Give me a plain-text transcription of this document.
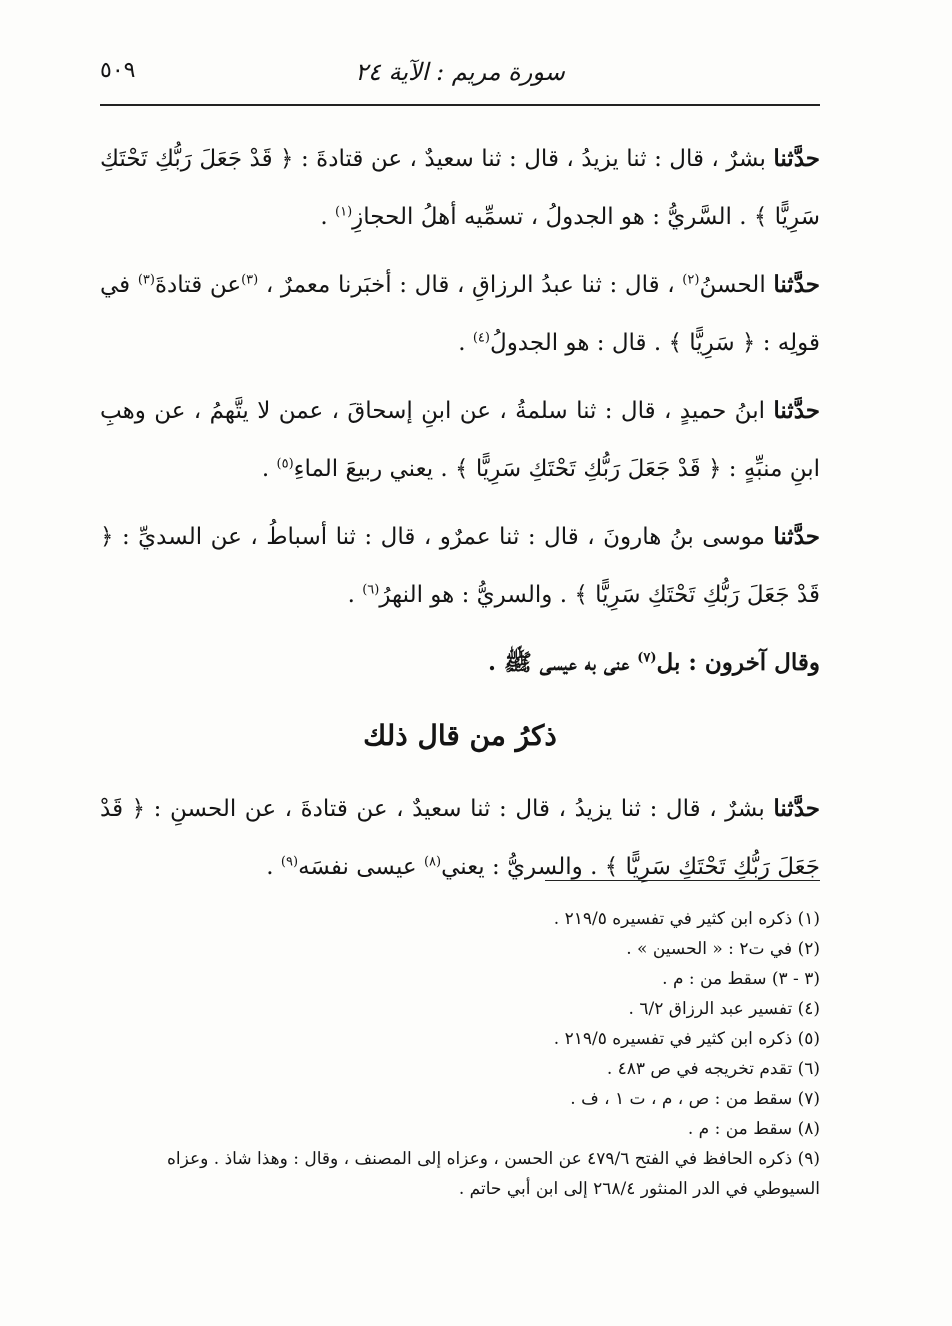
سورة مريم : الآية ٢٤
٥٠٩

حدَّثنا بشرٌ ، قال : ثنا يزيدُ ، قال : ثنا سعيدٌ ، عن قتادةَ : ﴿ قَدْ جَعَلَ رَبُّكِ تَحْتَكِ سَرِيًّا ﴾ . السَّريُّ : هو الجدولُ ، تسمِّيه أهلُ الحجازِ$^{(١)}$ .

حدَّثنا الحسنُ$^{(٢)}$ ، قال : ثنا عبدُ الرزاقِ ، قال : أخبَرنا معمرٌ ، $^{(٣)}$عن قتادةَ$^{(٣)}$ في قولِه : ﴿ سَرِيًّا ﴾ . قال : هو الجدولُ$^{(٤)}$ .

حدَّثنا ابنُ حميدٍ ، قال : ثنا سلمةُ ، عن ابنِ إسحاقَ ، عمن لا يتَّهمُ ، عن وهبِ ابنِ منبِّهٍ : ﴿ قَدْ جَعَلَ رَبُّكِ تَحْتَكِ سَرِيًّا ﴾ . يعني ربيعَ الماءِ$^{(٥)}$ .

حدَّثنا موسى بنُ هارونَ ، قال : ثنا عمرٌو ، قال : ثنا أسباطُ ، عن السديِّ : ﴿ قَدْ جَعَلَ رَبُّكِ تَحْتَكِ سَرِيًّا ﴾ . والسريُّ : هو النهرُ$^{(٦)}$ .

وقال آخرون : بل$^{(٧)}$ عنى به عيسى ﷺ .

ذكرُ من قال ذلك

حدَّثنا بشرٌ ، قال : ثنا يزيدُ ، قال : ثنا سعيدٌ ، عن قتادةَ ، عن الحسنِ : ﴿ قَدْ جَعَلَ رَبُّكِ تَحْتَكِ سَرِيًّا ﴾ . والسريُّ : يعني$^{(٨)}$ عيسى نفسَه$^{(٩)}$ .

(١) ذكره ابن كثير في تفسيره ٢١٩/٥ .

(٢) في ت٢ : « الحسين » .

(٣ - ٣) سقط من : م .

(٤) تفسير عبد الرزاق ٦/٢ .

(٥) ذكره ابن كثير في تفسيره ٢١٩/٥ .

(٦) تقدم تخريجه في ص ٤٨٣ .

(٧) سقط من : ص ، م ، ت ١ ، ف .

(٨) سقط من : م .

(٩) ذكره الحافظ في الفتح ٤٧٩/٦ عن الحسن ، وعزاه إلى المصنف ، وقال : وهذا شاذ . وعزاه السيوطي في الدر المنثور ٢٦٨/٤ إلى ابن أبي حاتم .
